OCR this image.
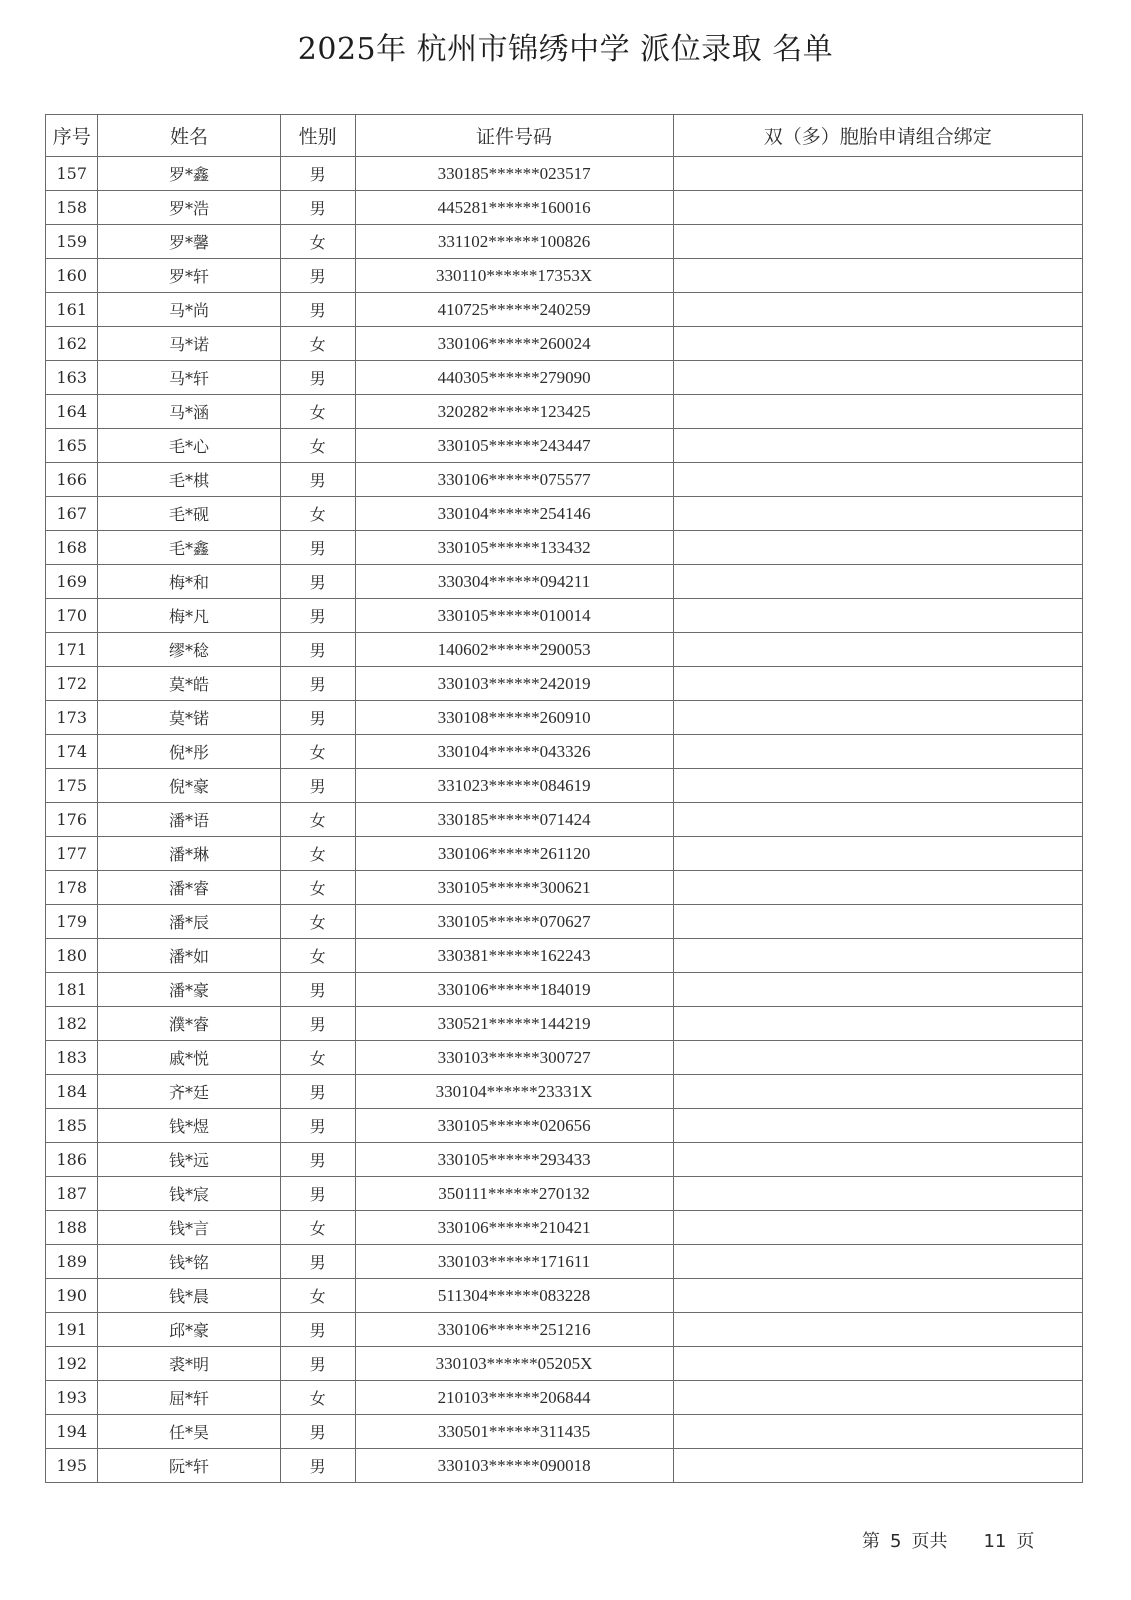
2025年 杭州市锦绣中学 派位录取 名单
序号	姓名	性别	证件号码	双（多）胞胎申请组合绑定
157	罗*鑫	男	330185******023517	
158	罗*浩	男	445281******160016	
159	罗*馨	女	331102******100826	
160	罗*轩	男	330110******17353X	
161	马*尚	男	410725******240259	
162	马*诺	女	330106******260024	
163	马*轩	男	440305******279090	
164	马*涵	女	320282******123425	
165	毛*心	女	330105******243447	
166	毛*棋	男	330106******075577	
167	毛*砚	女	330104******254146	
168	毛*鑫	男	330105******133432	
169	梅*和	男	330304******094211	
170	梅*凡	男	330105******010014	
171	缪*稔	男	140602******290053	
172	莫*皓	男	330103******242019	
173	莫*锘	男	330108******260910	
174	倪*彤	女	330104******043326	
175	倪*豪	男	331023******084619	
176	潘*语	女	330185******071424	
177	潘*琳	女	330106******261120	
178	潘*睿	女	330105******300621	
179	潘*辰	女	330105******070627	
180	潘*如	女	330381******162243	
181	潘*豪	男	330106******184019	
182	濮*睿	男	330521******144219	
183	戚*悦	女	330103******300727	
184	齐*廷	男	330104******23331X	
185	钱*煜	男	330105******020656	
186	钱*远	男	330105******293433	
187	钱*宸	男	350111******270132	
188	钱*言	女	330106******210421	
189	钱*铭	男	330103******171611	
190	钱*晨	女	511304******083228	
191	邱*豪	男	330106******251216	
192	裘*明	男	330103******05205X	
193	屈*轩	女	210103******206844	
194	任*昊	男	330501******311435	
195	阮*轩	男	330103******090018	
第 5 页共 11 页
